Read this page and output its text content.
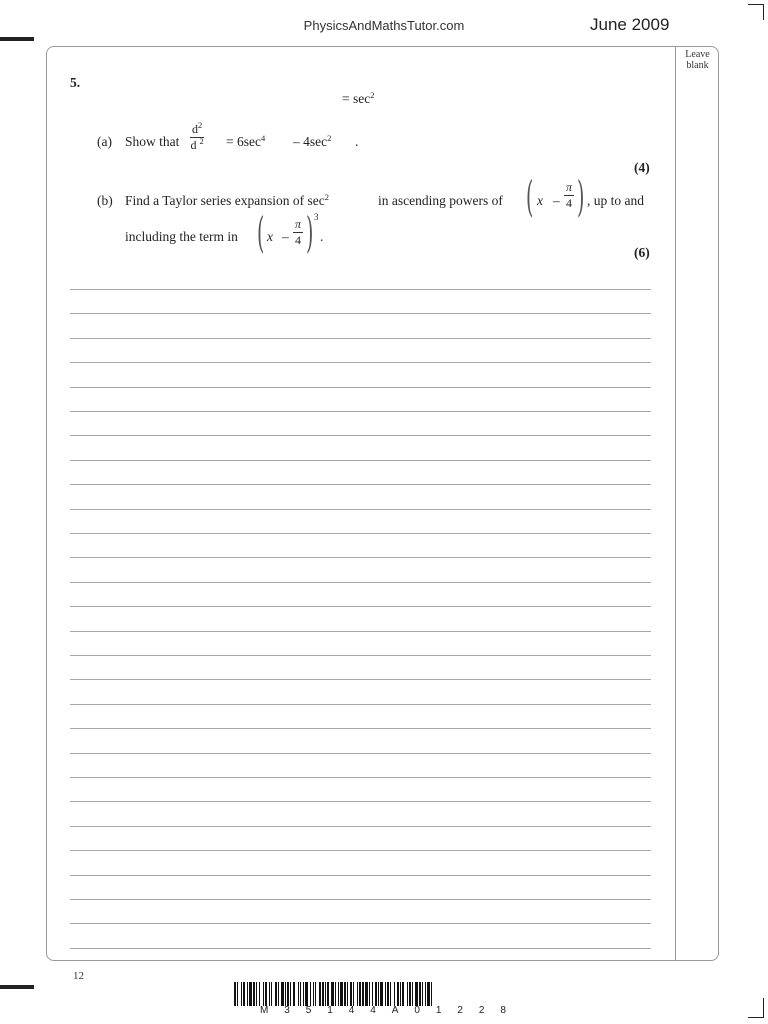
PhysicsAndMathsTutor.com	June 2009
Leave
blank
5.
= $\sec^2$
(a) Show that $\frac{d^2}{d ^2} = 6\sec^4 - 4\sec^2$ .
(4)
(b) Find a Taylor series expansion of $\sec^2$	in ascending powers of ( x – $\frac{\pi}{4}$ ) , up to and
including the term in ( x – $\frac{\pi}{4}$ ) 3
.
(6)
12
M 3 5 1 4 4 A 0 1 2 2 8
